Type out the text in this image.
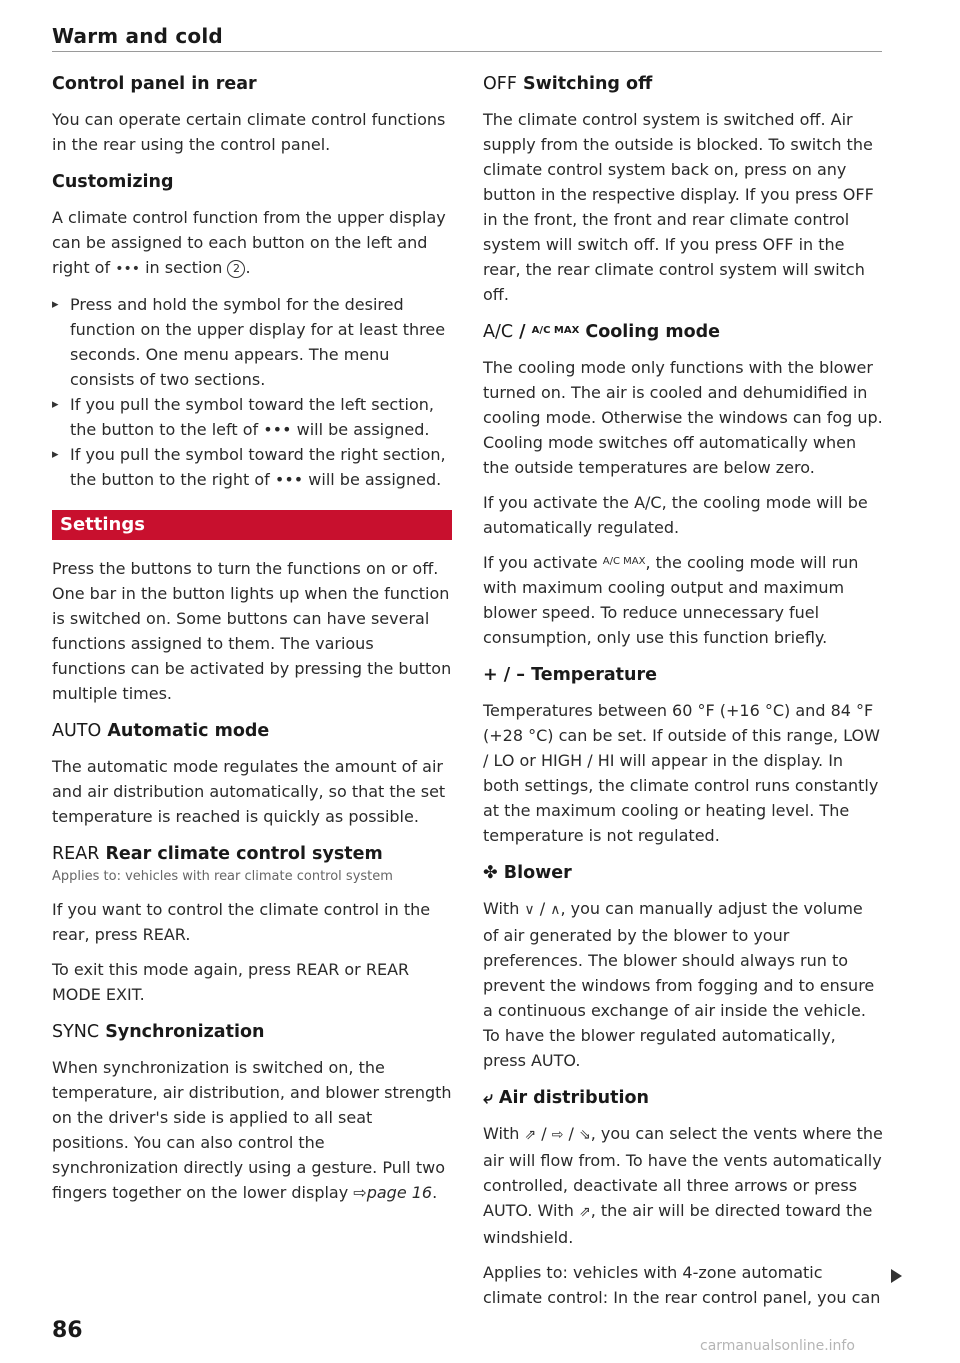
Warm and cold
Control panel in rear

You can operate certain climate control functions in the rear using the control panel.

Customizing

A climate control function from the upper display can be assigned to each button on the left and right of ••• in section 2 .

▸ Press and hold the symbol for the desired function on the upper display for at least three seconds. One menu appears. The menu consists of two sections.
▸ If you pull the symbol toward the left section, the button to the left of ••• will be assigned.
▸ If you pull the symbol toward the right section, the button to the right of ••• will be assigned.
Settings

Press the buttons to turn the functions on or off. One bar in the button lights up when the function is switched on. Some buttons can have several functions assigned to them. The various functions can be activated by pressing the button multiple times.

AUTO Automatic mode

The automatic mode regulates the amount of air and air distribution automatically, so that the set temperature is reached is quickly as possible.

REAR Rear climate control system

Applies to: vehicles with rear climate control system

If you want to control the climate control in the rear, press REAR.

To exit this mode again, press REAR or REAR MODE EXIT.

SYNC Synchronization

When synchronization is switched on, the temperature, air distribution, and blower strength on the driver's side is applied to all seat positions. You can also control the synchronization directly using a gesture. Pull two fingers together on the lower display ⇨page 16.

OFF Switching off

The climate control system is switched off. Air supply from the outside is blocked. To switch the climate control system back on, press on any button in the respective display. If you press OFF in the front, the front and rear climate control system will switch off. If you press OFF in the rear, the rear climate control system will switch off.

A/C / A/C MAX Cooling mode

The cooling mode only functions with the blower turned on. The air is cooled and dehumidified in cooling mode. Otherwise the windows can fog up. Cooling mode switches off automatically when the outside temperatures are below zero.

If you activate the A/C, the cooling mode will be automatically regulated.

If you activate A/C MAX, the cooling mode will run with maximum cooling output and maximum blower speed. To reduce unnecessary fuel consumption, only use this function briefly.

+ / – Temperature

Temperatures between 60 °F (+16 °C) and 84 °F (+28 °C) can be set. If outside of this range, LOW / LO or HIGH / HI will appear in the display. In both settings, the climate control runs constantly at the maximum cooling or heating level. The temperature is not regulated.

✤ Blower

With ∨ / ∧, you can manually adjust the volume of air generated by the blower to your preferences. The blower should always run to prevent the windows from fogging and to ensure a continuous exchange of air inside the vehicle. To have the blower regulated automatically, press AUTO.

⤶ Air distribution

With ⇗ / ⇨ / ⇘, you can select the vents where the air will flow from. To have the vents automatically controlled, deactivate all three arrows or press AUTO. With ⇗, the air will be directed toward the windshield.

Applies to: vehicles with 4-zone automatic climate control: In the rear control panel, you can

86
carmanualsonline.info
